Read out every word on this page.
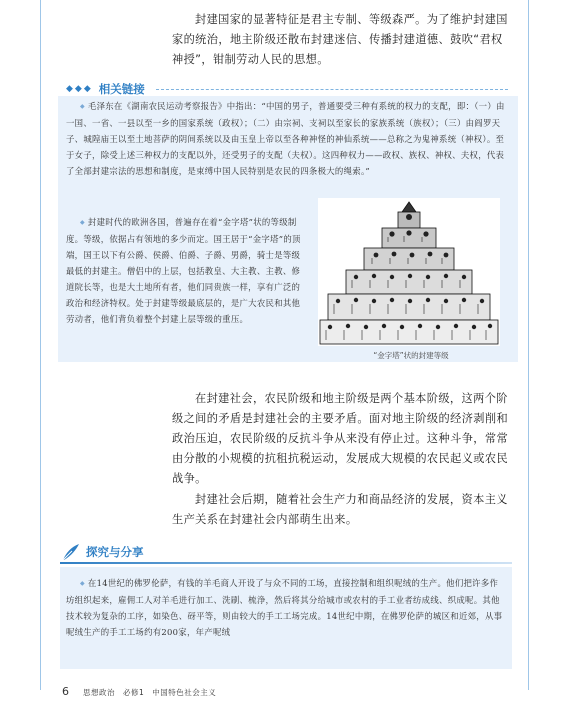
封建国家的显著特征是君主专制、等级森严。为了维护封建国家的统治，地主阶级还散布封建迷信、传播封建道德、鼓吹“君权神授”，钳制劳动人民的思想。

◆◆◆ 相关链接

◆ 毛泽东在《湖南农民运动考察报告》中指出：“中国的男子，普通要受三种有系统的权力的支配，即：（一）由一国、一省、一县以至一乡的国家系统（政权）；（二）由宗祠、支祠以至家长的家族系统（族权）；（三）由阎罗天子、城隍庙王以至土地菩萨的阴间系统以及由玉皇上帝以至各种神怪的神仙系统——总称之为鬼神系统（神权）。至于女子，除受上述三种权力的支配以外，还受男子的支配（夫权）。这四种权力——政权、族权、神权、夫权，代表了全部封建宗法的思想和制度，是束缚中国人民特别是农民的四条极大的绳索。”

◆ 封建时代的欧洲各国，普遍存在着“金字塔”状的等级制度。等级，依据占有领地的多少而定。国王居于“金字塔”的顶端，国王以下有公爵、侯爵、伯爵、子爵、男爵，骑士是等级最低的封建主。僧侣中的上层，包括教皇、大主教、主教、修道院长等，也是大土地所有者，他们同贵族一样，享有广泛的政治和经济特权。处于封建等级最底层的，是广大农民和其他劳动者，他们背负着整个封建上层等级的重压。

“金字塔”状的封建等级

在封建社会，农民阶级和地主阶级是两个基本阶级，这两个阶级之间的矛盾是封建社会的主要矛盾。面对地主阶级的经济剥削和政治压迫，农民阶级的反抗斗争从来没有停止过。这种斗争，常常由分散的小规模的抗租抗税运动，发展成大规模的农民起义或农民战争。

封建社会后期，随着社会生产力和商品经济的发展，资本主义生产关系在封建社会内部萌生出来。

探究与分享

◆ 在14世纪的佛罗伦萨，有钱的羊毛商人开设了与众不同的工场，直接控制和组织呢绒的生产。他们把许多作坊组织起来，雇佣工人对羊毛进行加工、洗刷、梳浄，然后将其分给城市或农村的手工业者纺成线、织成呢。其他技术较为复杂的工序，如染色、砑平等，则由较大的手工工场完成。14世纪中期，在佛罗伦萨的城区和近郊，从事呢绒生产的手工工场约有200家，年产呢绒

6 思想政治　必修1　中国特色社会主义
